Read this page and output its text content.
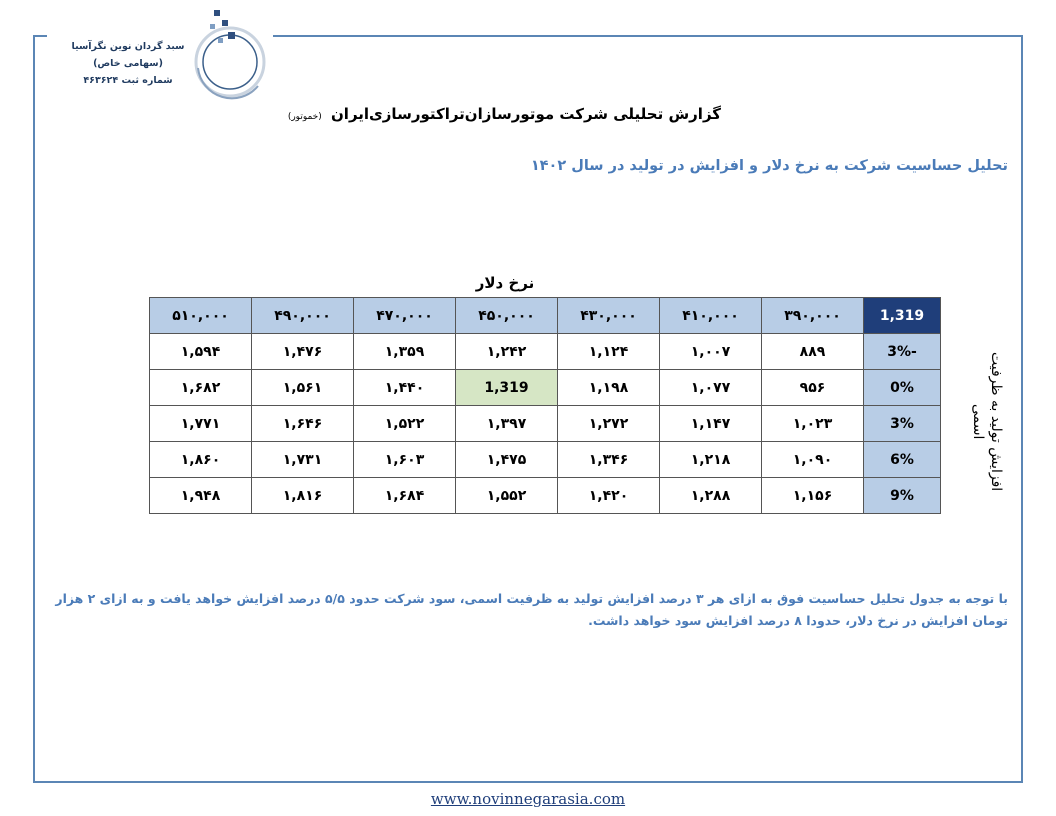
سبد گردان نوین نگرآسیا
(سهامی خاص)
شماره ثبت ۴۶۳۶۲۴
گزارش تحلیلی شرکت موتورسازان‌تراکتورسازی‌ایران (خموتور)
تحلیل حساسیت شرکت به نرخ دلار و افزایش در تولید در سال ۱۴۰۲
نرخ دلار
1,319	۳۹۰,۰۰۰	۴۱۰,۰۰۰	۴۳۰,۰۰۰	۴۵۰,۰۰۰	۴۷۰,۰۰۰	۴۹۰,۰۰۰	۵۱۰,۰۰۰
-3%	۸۸۹	۱,۰۰۷	۱,۱۲۴	۱,۲۴۲	۱,۳۵۹	۱,۴۷۶	۱,۵۹۴
0%	۹۵۶	۱,۰۷۷	۱,۱۹۸	1,319	۱,۴۴۰	۱,۵۶۱	۱,۶۸۲
3%	۱,۰۲۳	۱,۱۴۷	۱,۲۷۲	۱,۳۹۷	۱,۵۲۲	۱,۶۴۶	۱,۷۷۱
6%	۱,۰۹۰	۱,۲۱۸	۱,۳۴۶	۱,۴۷۵	۱,۶۰۳	۱,۷۳۱	۱,۸۶۰
9%	۱,۱۵۶	۱,۲۸۸	۱,۴۲۰	۱,۵۵۲	۱,۶۸۴	۱,۸۱۶	۱,۹۴۸
افزایش تولید به ظرفیت اسمی
با توجه به جدول تحلیل حساسیت فوق به ازای هر ۳ درصد افزایش تولید به ظرفیت اسمی، سود شرکت حدود ۵/۵ درصد افزایش خواهد یافت و به ازای ۲ هزار تومان افزایش در نرخ دلار، حدودا ۸ درصد افزایش سود خواهد داشت.
www.novinnegarasia.com
